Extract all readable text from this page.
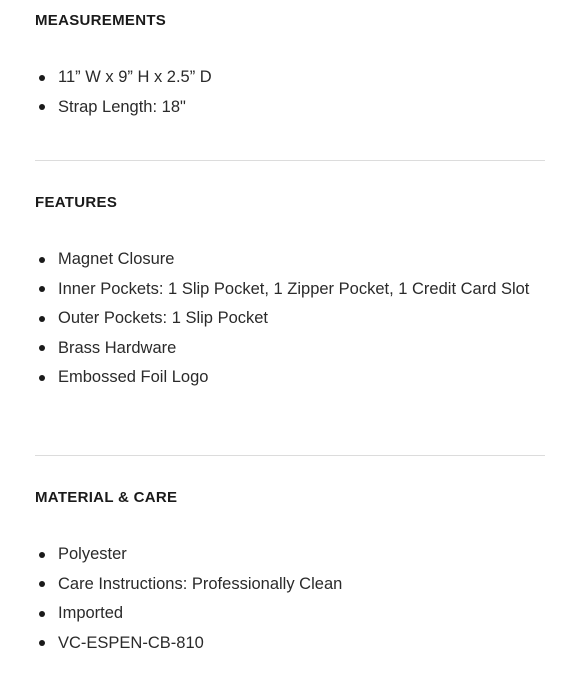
MEASUREMENTS
11” W x 9” H x 2.5” D
Strap Length: 18"
FEATURES
Magnet Closure
Inner Pockets: 1 Slip Pocket, 1 Zipper Pocket, 1 Credit Card Slot
Outer Pockets: 1 Slip Pocket
Brass Hardware
Embossed Foil Logo
MATERIAL & CARE
Polyester
Care Instructions: Professionally Clean
Imported
VC-ESPEN-CB-810
